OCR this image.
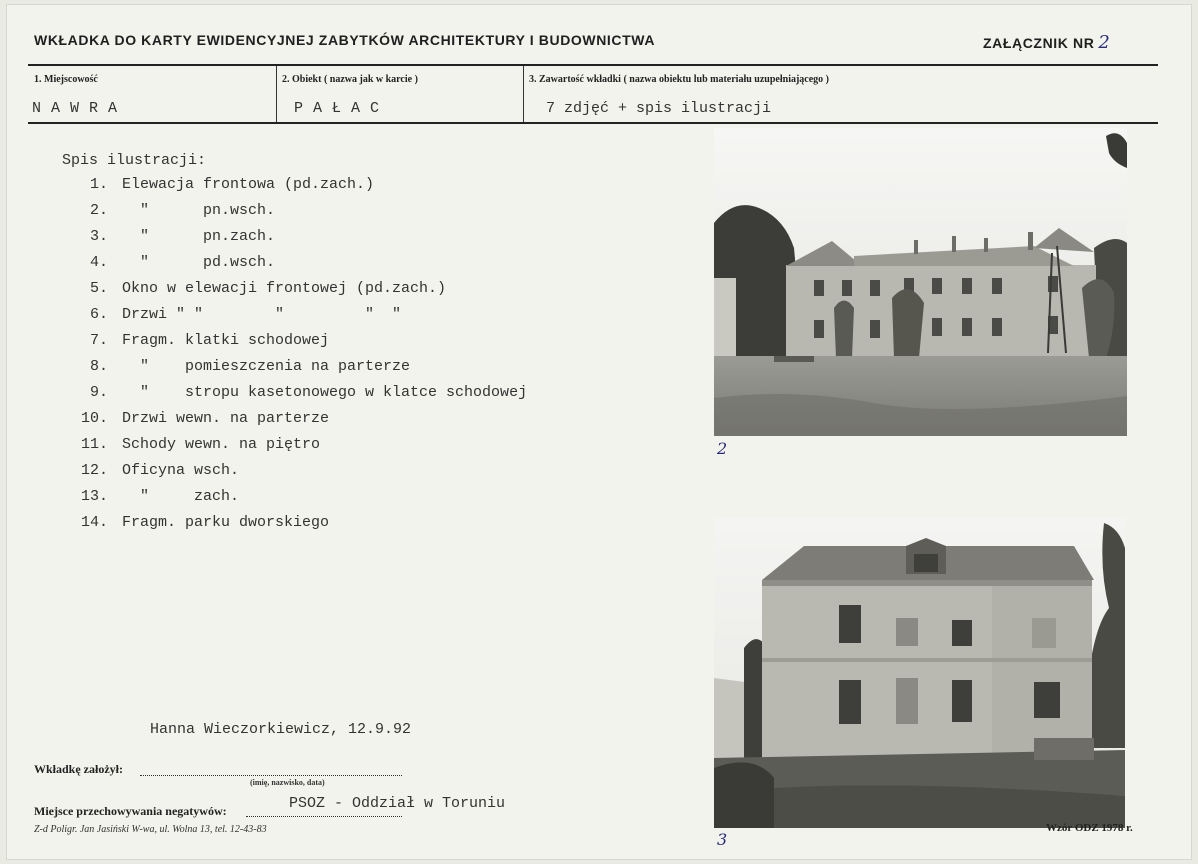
WKŁADKA DO KARTY EWIDENCYJNEJ ZABYTKÓW ARCHITEKTURY I BUDOWNICTWA	ZAŁĄCZNIK NR 2
1. Miejscowość
NAWRA
2. Obiekt ( nazwa jak w karcie )
PAŁAC
3. Zawartość wkładki ( nazwa obiektu lub materiału uzupełniającego )
7 zdjęć + spis ilustracji
Spis ilustracji:
1. Elewacja frontowa (pd.zach.)
2. "      pn.wsch.
3. "      pn.zach.
4. "      pd.wsch.
5. Okno w elewacji frontowej (pd.zach.)
6. Drzwi " "        "         "  "
7. Fragm. klatki schodowej
8. "    pomieszczenia na parterze
9. "    stropu kasetonowego w klatce schodowej
10. Drzwi wewn. na parterze
11. Schody wewn. na piętro
12. Oficyna wsch.
13. "     zach.
14. Fragm. parku dworskiego
2
3
Hanna Wieczorkiewicz, 12.9.92
Wkładkę założył:
(imię, nazwisko, data)
Miejsce przechowywania negatywów:	PSOZ - Oddział w Toruniu
Z-d Poligr. Jan Jasiński W-wa, ul. Wolna 13, tel. 12-43-83	Wzór ODZ 1978 r.
